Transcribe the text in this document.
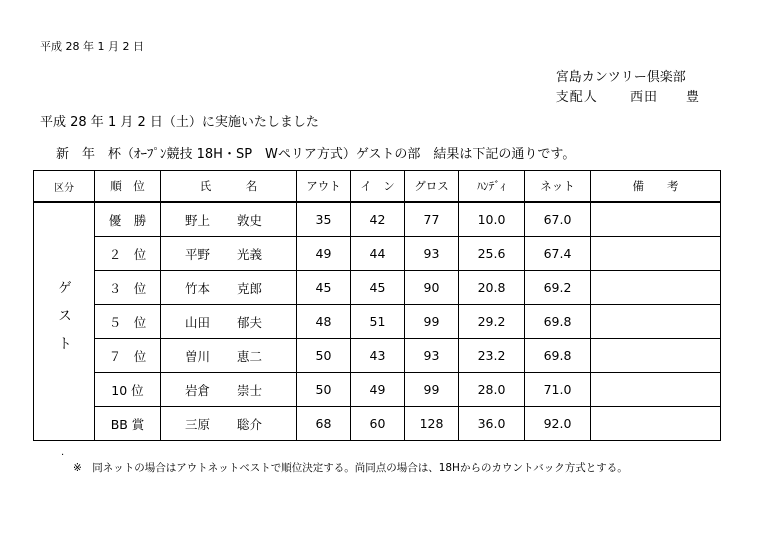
平成 28 年 1 月 2 日
宮島カンツリー倶楽部
支配人 西田　　豊
平成 28 年 1 月 2 日（土）に実施いたしました
新　年　杯（ｵｰﾌﾟﾝ競技 18H・SP　Wペリア方式）ゲストの部　結果は下記の通りです。
区分	順　位	氏　　　名	アウト	イ　ン	グロス	ﾊﾝﾃﾞｨ	ネット	備　　考
ゲスト	優　勝	野上 敦史	35	42	77	10.0	67.0	
	２　位	平野 光義	49	44	93	25.6	67.4	
	３　位	竹本 克郎	45	45	90	20.8	69.2	
	５　位	山田 郁夫	48	51	99	29.2	69.8	
	７　位	曽川 恵二	50	43	93	23.2	69.8	
	10 位	岩倉 崇士	50	49	99	28.0	71.0	
	BB 賞	三原 聡介	68	60	128	36.0	92.0	
.
※　同ネットの場合はアウトネットベストで順位決定する。尚同点の場合は、18Hからのカウントバック方式とする。
